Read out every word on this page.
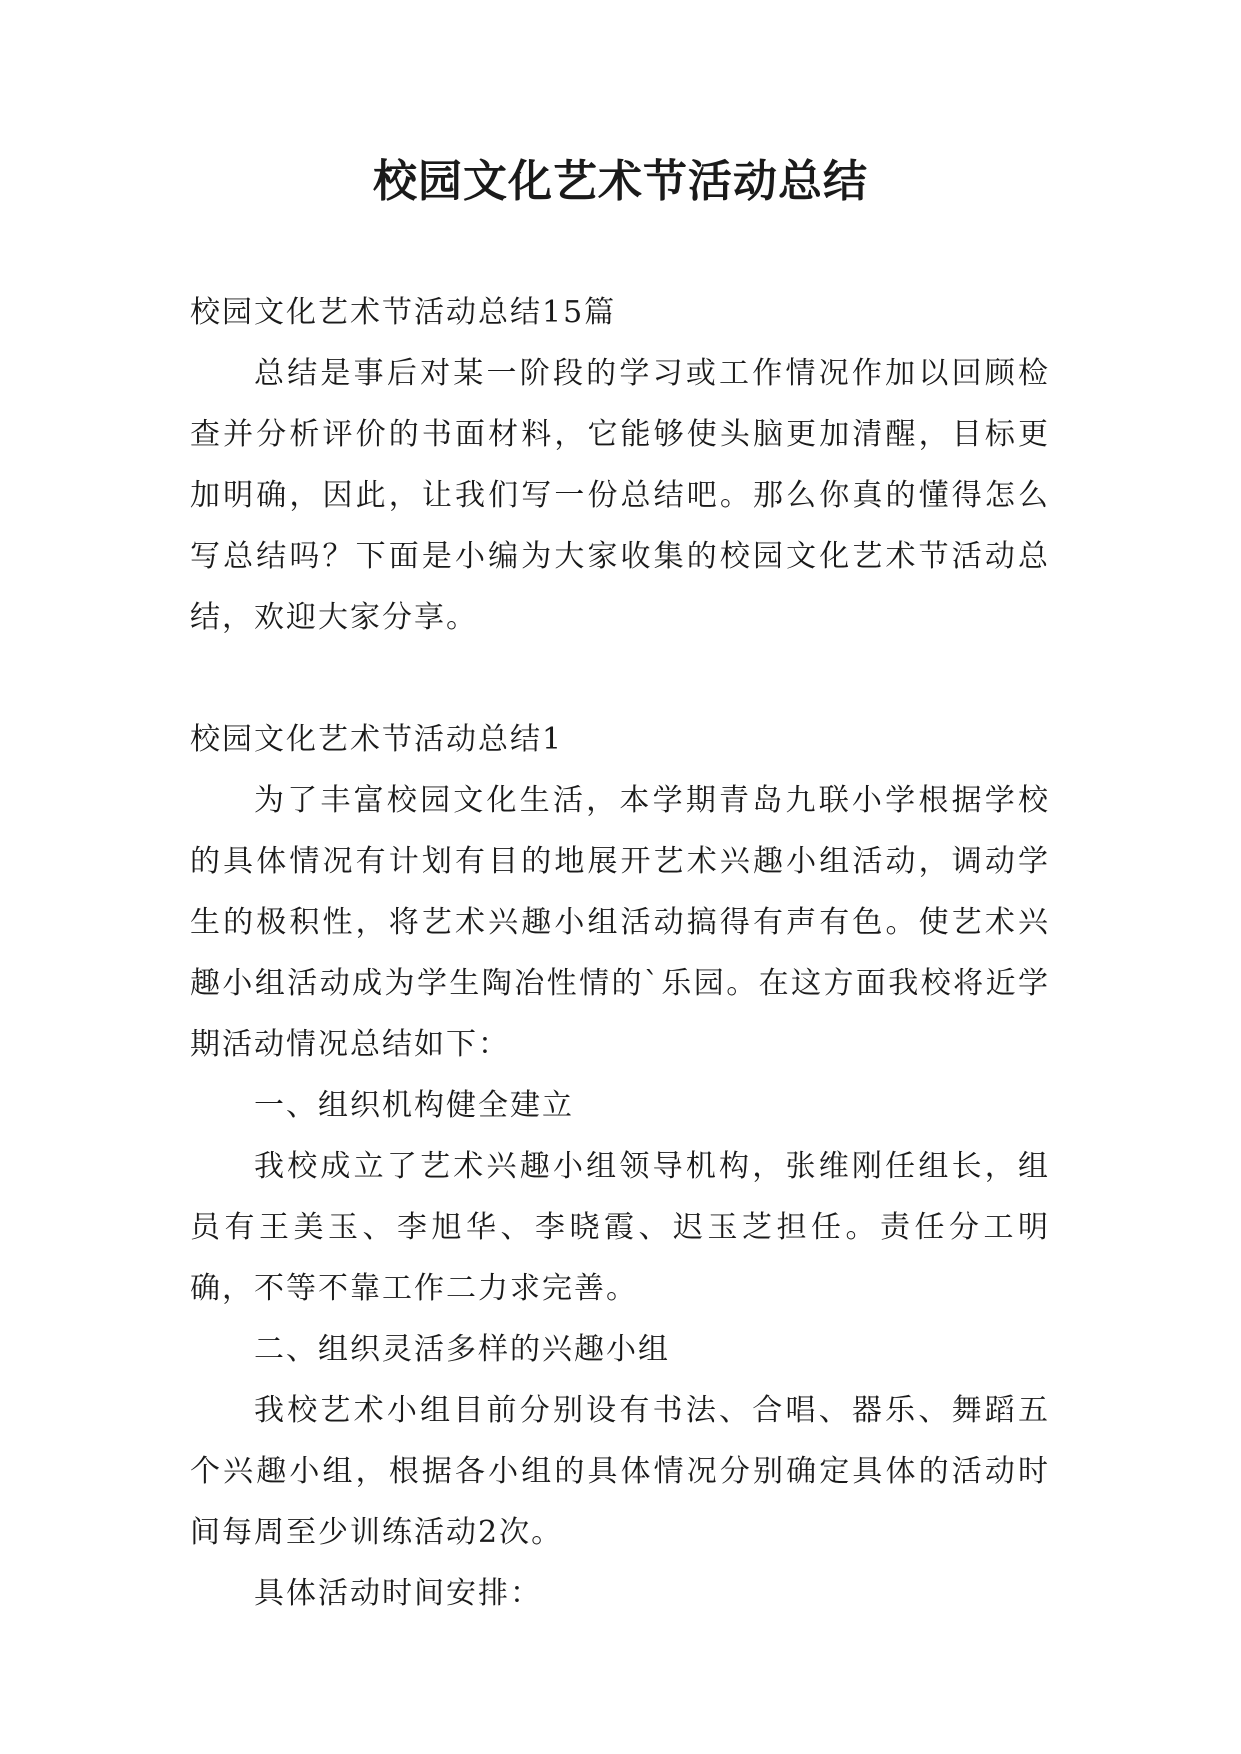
校园文化艺术节活动总结

校园文化艺术节活动总结15篇

总结是事后对某一阶段的学习或工作情况作加以回顾检查并分析评价的书面材料，它能够使头脑更加清醒，目标更加明确，因此，让我们写一份总结吧。那么你真的懂得怎么写总结吗？下面是小编为大家收集的校园文化艺术节活动总结，欢迎大家分享。

校园文化艺术节活动总结1

为了丰富校园文化生活，本学期青岛九联小学根据学校的具体情况有计划有目的地展开艺术兴趣小组活动，调动学生的极积性，将艺术兴趣小组活动搞得有声有色。使艺术兴趣小组活动成为学生陶冶性情的`乐园。在这方面我校将近学期活动情况总结如下：

一、组织机构健全建立

我校成立了艺术兴趣小组领导机构，张维刚任组长，组员有王美玉、李旭华、李晓霞、迟玉芝担任。责任分工明确，不等不靠工作二力求完善。

二、组织灵活多样的兴趣小组

我校艺术小组目前分别设有书法、合唱、器乐、舞蹈五个兴趣小组，根据各小组的具体情况分别确定具体的活动时间每周至少训练活动2次。

具体活动时间安排：
